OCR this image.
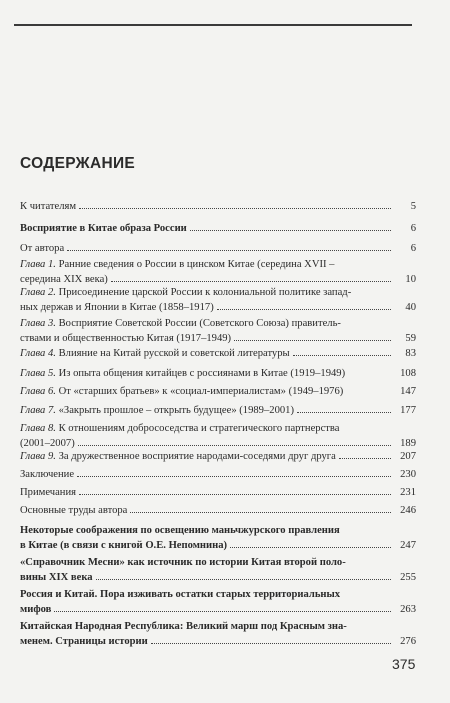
СОДЕРЖАНИЕ
К читателям	5
Восприятие в Китае образа России	6
От автора	6
Глава 1. Ранние сведения о России в цинском Китае (середина XVII –
середина XIX века)	10
Глава 2. Присоединение царской России к колониальной политике запад-
ных держав и Японии в Китае (1858–1917)	40
Глава 3. Восприятие Советской России (Советского Союза) правитель-
ствами и общественностью Китая (1917–1949)	59
Глава 4. Влияние на Китай русской и советской литературы	83
Глава 5. Из опыта общения китайцев с россиянами в Китае (1919–1949)	108
Глава 6. От «старших братьев» к «социал-империалистам» (1949–1976)	147
Глава 7. «Закрыть прошлое – открыть будущее» (1989–2001)	177
Глава 8. К отношениям добрососедства и стратегического партнерства
(2001–2007)	189
Глава 9. За дружественное восприятие народами-соседями друг друга	207
Заключение	230
Примечания	231
Основные труды автора	246
Некоторые соображения по освещению маньчжурского правления
в Китае (в связи с книгой О.Е. Непомнина)	247
«Справочник Месни» как источник по истории Китая второй поло-
вины XIX века	255
Россия и Китай. Пора изживать остатки старых территориальных
мифов	263
Китайская Народная Республика: Великий марш под Красным зна-
менем. Страницы истории	276
375
